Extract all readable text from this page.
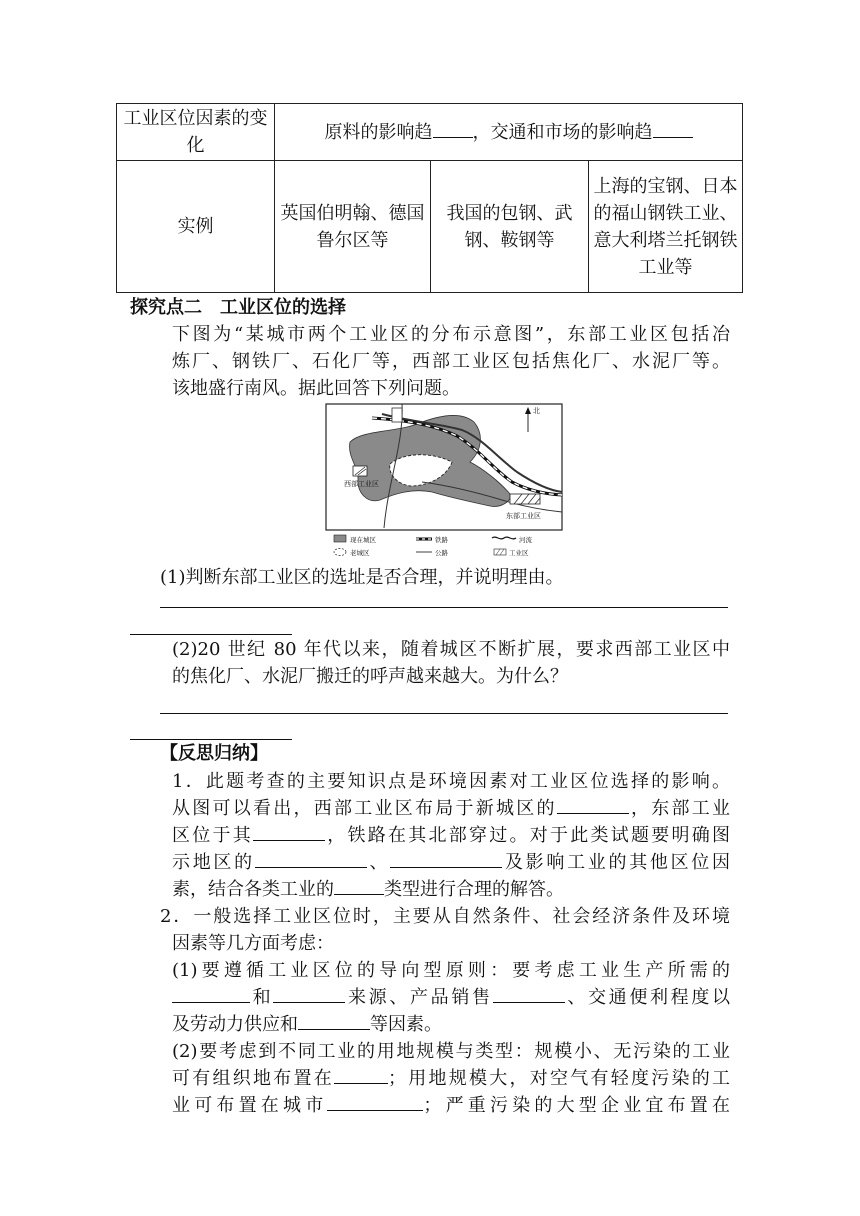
工业区位因素的变化	原料的影响趋 ，交通和市场的影响趋		
实例	英国伯明翰、德国鲁尔区等	我国的包钢、武钢、鞍钢等	上海的宝钢、日本的福山钢铁工业、意大利塔兰托钢铁工业等
探究点二　工业区位的选择
下图为“某城市两个工业区的分布示意图”，东部工业区包括冶
炼厂、钢铁厂、石化厂等，西部工业区包括焦化厂、水泥厂等。
该地盛行南风。据此回答下列问题。
西部工业区
东部工业区
北
现在城区	铁路	河流
老城区	公路	工业区
(1)判断东部工业区的选址是否合理，并说明理由。
(2)20 世纪 80 年代以来，随着城区不断扩展，要求西部工业区中
的焦化厂、水泥厂搬迁的呼声越来越大。为什么？
【反思归纳】
1．此题考查的主要知识点是环境因素对工业区位选择的影响。
从图可以看出，西部工业区布局于新城区的	，东部工业
区位于其	，铁路在其北部穿过。对于此类试题要明确图
示地区的	、	及影响工业的其他区位因
素，结合各类工业的	类型进行合理的解答。
2．一般选择工业区位时，主要从自然条件、社会经济条件及环境
因素等几方面考虑：
(1)要遵循工业区位的导向型原则：要考虑工业生产所需的
和	来源、产品销售	、交通便利程度以
及劳动力供应和	等因素。
(2)要考虑到不同工业的用地规模与类型：规模小、无污染的工业
可有组织地布置在	；用地规模大，对空气有轻度污染的工
业可布置在城市	；严重污染的大型企业宜布置在
